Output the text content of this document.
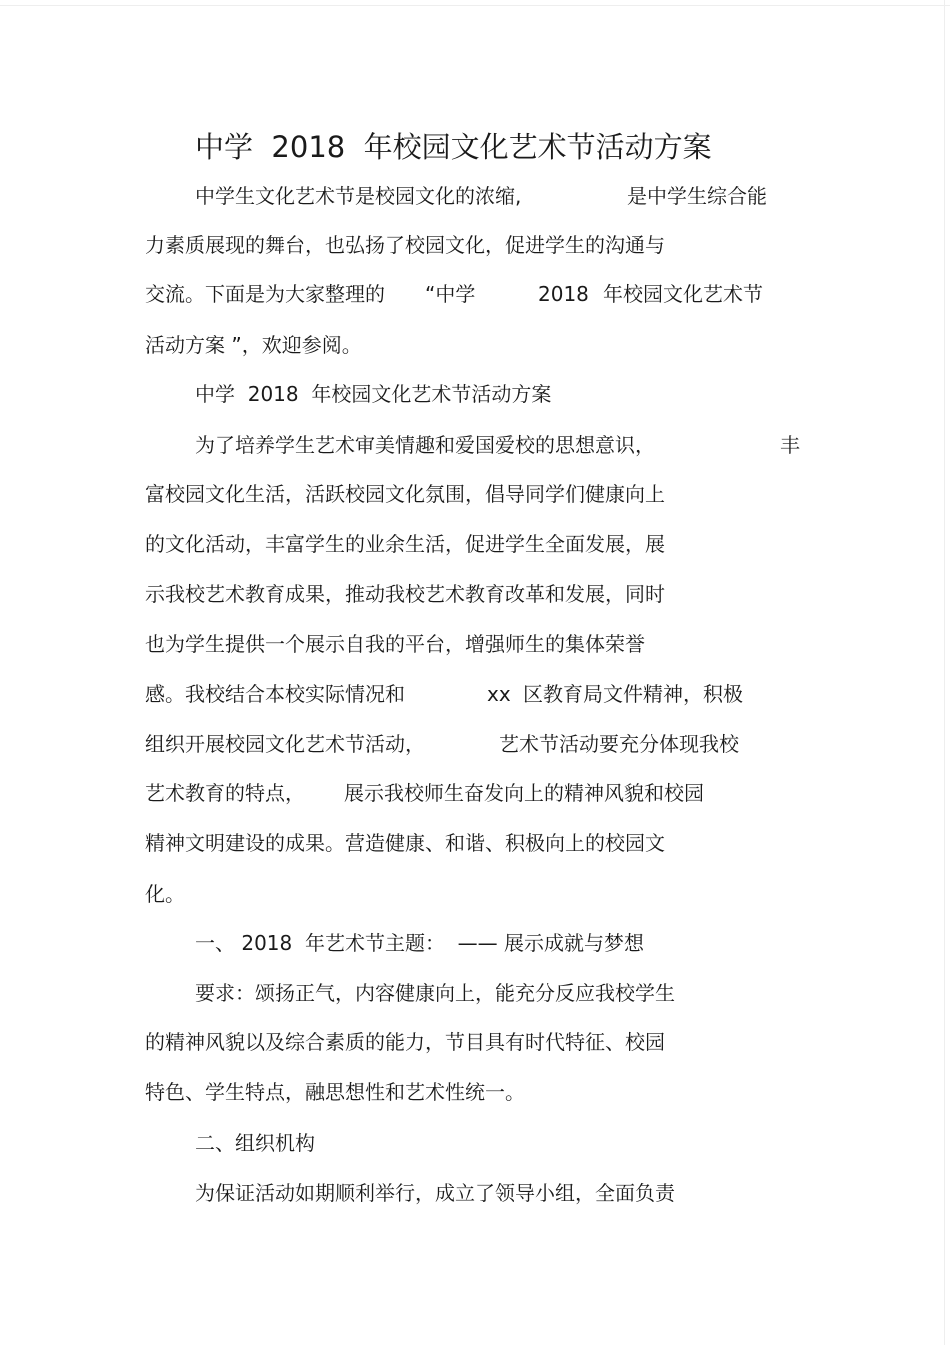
中学  2018  年校园文化艺术节活动方案
中学生文化艺术节是校园文化的浓缩,	是中学生综合能
力素质展现的舞台，也弘扬了校园文化，促进学生的沟通与
交流。下面是为大家整理的 “中学	2018 年校园文化艺术节
活动方案 ”，欢迎参阅。
中学  2018  年校园文化艺术节活动方案
为了培养学生艺术审美情趣和爱国爱校的思想意识，	丰
富校园文化生活，活跃校园文化氛围，倡导同学们健康向上
的文化活动，丰富学生的业余生活，促进学生全面发展，展
示我校艺术教育成果，推动我校艺术教育改革和发展，同时
也为学生提供一个展示自我的平台，增强师生的集体荣誉
感。我校结合本校实际情况和	xx 区教育局文件精神，积极
组织开展校园文化艺术节活动，	艺术节活动要充分体现我校
艺术教育的特点， 展示我校师生奋发向上的精神风貌和校园
精神文明建设的成果。营造健康、和谐、积极向上的校园文
化。
一、 2018  年艺术节主题：  —— 展示成就与梦想
要求：颂扬正气，内容健康向上，能充分反应我校学生
的精神风貌以及综合素质的能力，节目具有时代特征、校园
特色、学生特点，融思想性和艺术性统一。
二、组织机构
为保证活动如期顺利举行，成立了领导小组，全面负责
